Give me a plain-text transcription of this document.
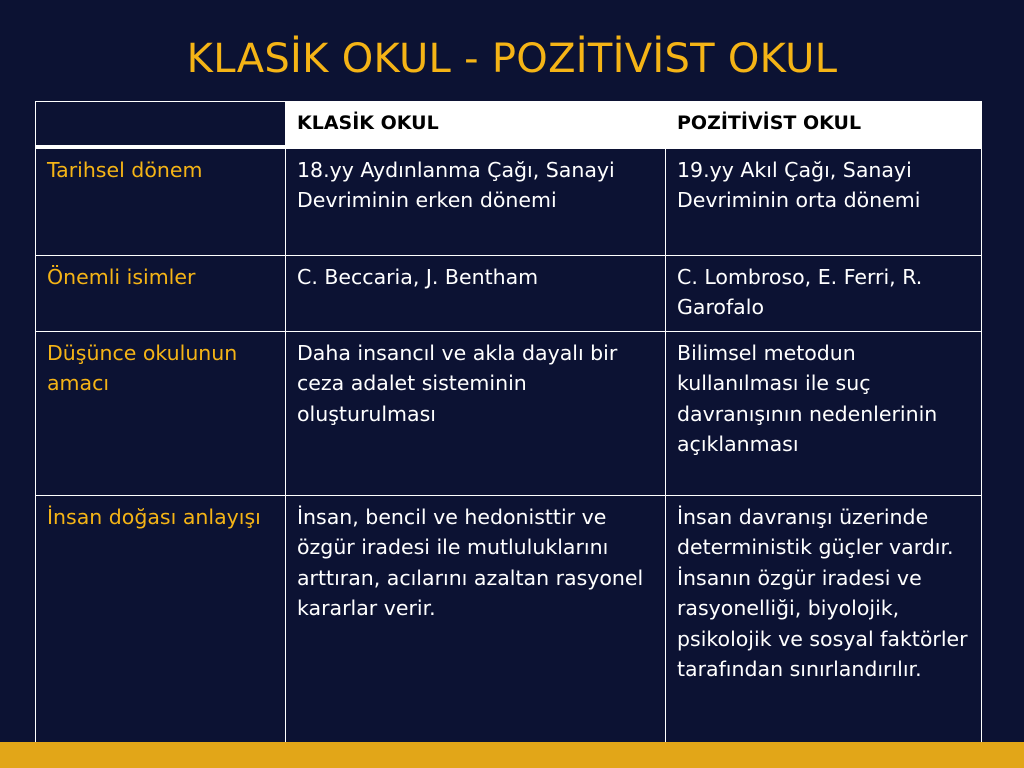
KLASİK OKUL - POZİTİVİST OKUL
	KLASİK OKUL	POZİTİVİST OKUL
Tarihsel dönem	18.yy Aydınlanma Çağı, Sanayi Devriminin erken dönemi	19.yy Akıl Çağı, Sanayi Devriminin orta dönemi
Önemli isimler	C. Beccaria, J. Bentham	C. Lombroso, E. Ferri, R. Garofalo
Düşünce okulunun amacı	Daha insancıl ve akla dayalı bir ceza adalet sisteminin oluşturulması	Bilimsel metodun kullanılması ile suç davranışının nedenlerinin açıklanması
İnsan doğası anlayışı	İnsan, bencil ve hedonisttir ve özgür iradesi ile mutluluklarını arttıran, acılarını azaltan rasyonel kararlar verir.	İnsan davranışı üzerinde deterministik güçler vardır. İnsanın özgür iradesi ve rasyonelliği, biyolojik, psikolojik ve sosyal faktörler tarafından sınırlandırılır.
